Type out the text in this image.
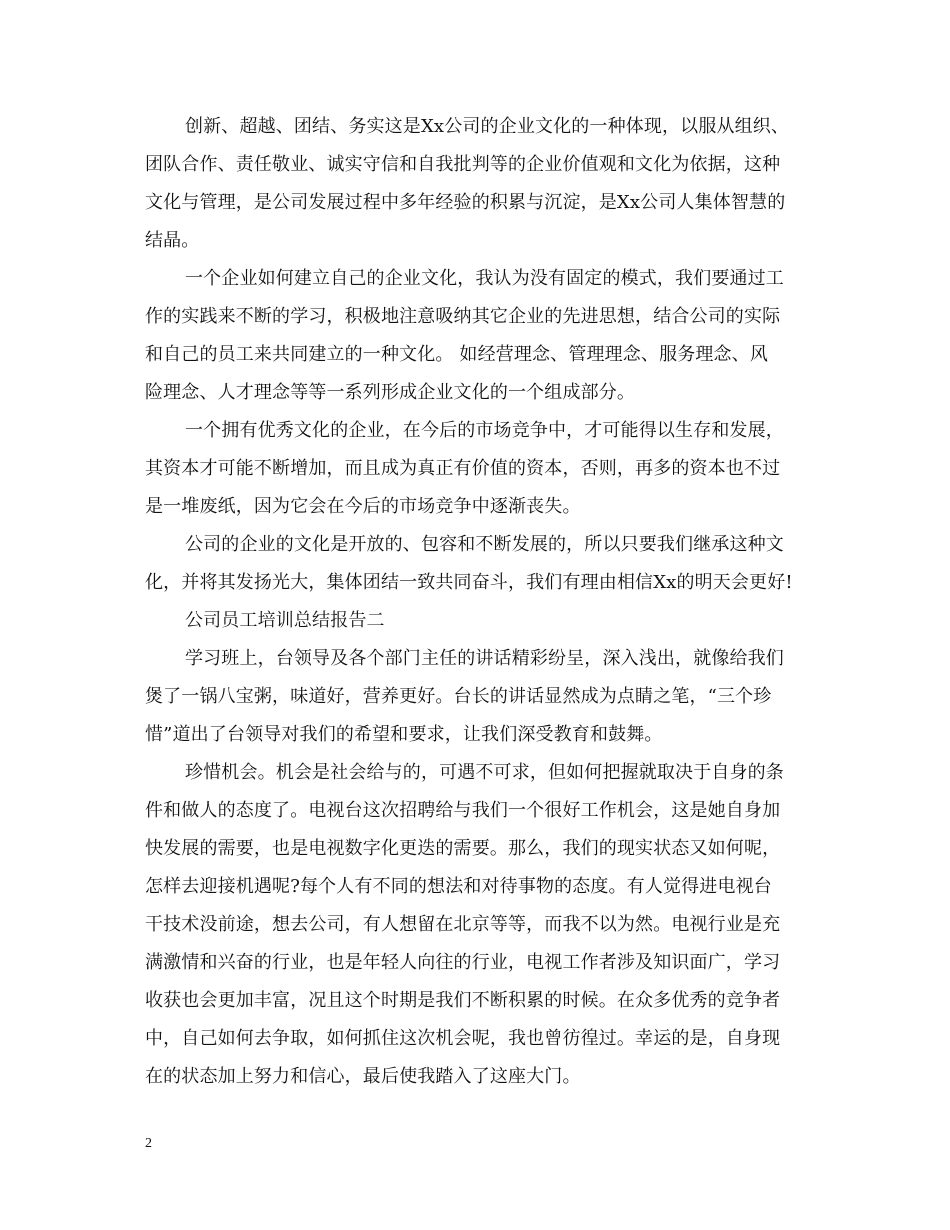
创新、超越、团结、务实这是Xx公司的企业文化的一种体现，以服从组织、
团队合作、责任敬业、诚实守信和自我批判等的企业价值观和文化为依据，这种
文化与管理，是公司发展过程中多年经验的积累与沉淀，是Xx公司人集体智慧的
结晶。
一个企业如何建立自己的企业文化，我认为没有固定的模式，我们要通过工
作的实践来不断的学习，积极地注意吸纳其它企业的先进思想，结合公司的实际
和自己的员工来共同建立的一种文化。 如经营理念、管理理念、服务理念、风
险理念、人才理念等等一系列形成企业文化的一个组成部分。
一个拥有优秀文化的企业，在今后的市场竞争中，才可能得以生存和发展，
其资本才可能不断增加，而且成为真正有价值的资本，否则，再多的资本也不过
是一堆废纸，因为它会在今后的市场竞争中逐渐丧失。
公司的企业的文化是开放的、包容和不断发展的，所以只要我们继承这种文
化，并将其发扬光大，集体团结一致共同奋斗，我们有理由相信Xx的明天会更好!
公司员工培训总结报告二
学习班上，台领导及各个部门主任的讲话精彩纷呈，深入浅出，就像给我们
煲了一锅八宝粥，味道好，营养更好。台长的讲话显然成为点睛之笔，“三个珍
惜”道出了台领导对我们的希望和要求，让我们深受教育和鼓舞。
珍惜机会。机会是社会给与的，可遇不可求，但如何把握就取决于自身的条
件和做人的态度了。电视台这次招聘给与我们一个很好工作机会，这是她自身加
快发展的需要，也是电视数字化更迭的需要。那么，我们的现实状态又如何呢，
怎样去迎接机遇呢?每个人有不同的想法和对待事物的态度。有人觉得进电视台
干技术没前途，想去公司，有人想留在北京等等，而我不以为然。电视行业是充
满激情和兴奋的行业，也是年轻人向往的行业，电视工作者涉及知识面广，学习
收获也会更加丰富，况且这个时期是我们不断积累的时候。在众多优秀的竞争者
中，自己如何去争取，如何抓住这次机会呢，我也曾彷徨过。幸运的是，自身现
在的状态加上努力和信心，最后使我踏入了这座大门。
2
